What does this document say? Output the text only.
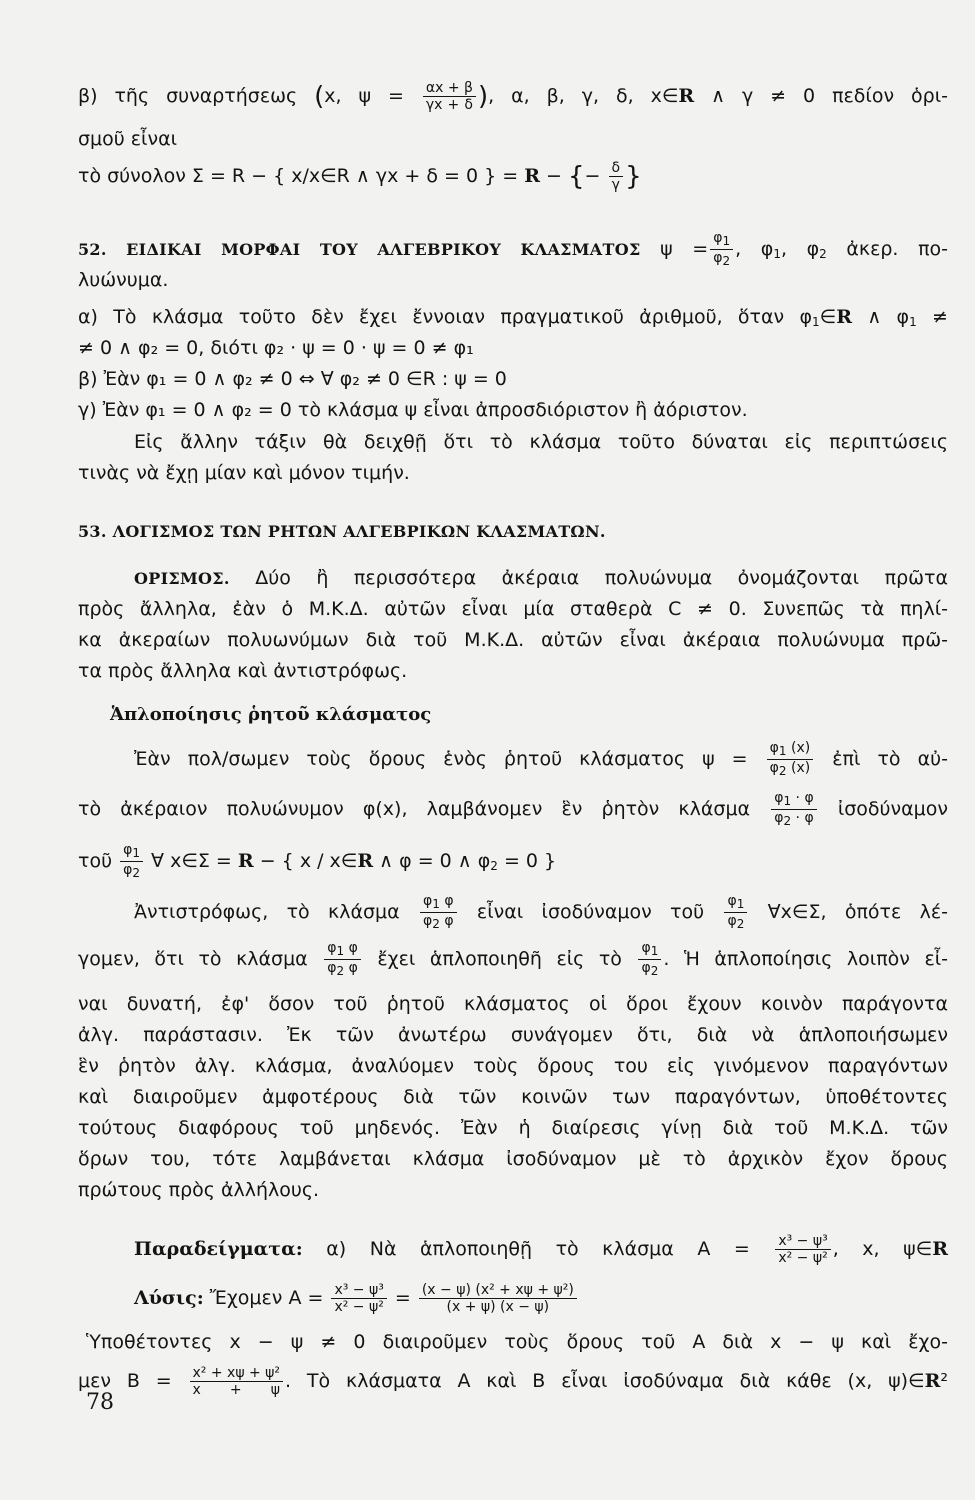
β) τῆς συναρτήσεως (x, $\psi = \frac{\alpha x + \beta}{\gamma x + \delta}$ ), α, β, γ, δ, x∈R ∧ γ ≠ 0 πεδίον ὁρι-
σμοῦ εἶναι
τὸ σύνολον Σ = R − { x/x∈R ∧ γx + δ = 0 } = R − {− $\frac{\delta}{\gamma}$ }
52. ΕΙΔΙΚΑΙ ΜΟΡΦΑΙ ΤΟΥ ΑΛΓΕΒΡΙΚΟΥ ΚΛΑΣΜΑΤΟΣ $\psi = \frac{\varphi 1}{\varphi 2}$ , $\varphi_1$, $\varphi_2$ ἀκερ. πο-
λυώνυμα.
α) Τὸ κλάσμα τοῦτο δὲν ἔχει ἔννοιαν πραγματικοῦ ἀριθμοῦ, ὅταν $\varphi_1\in R$ ∧ $\varphi_1$ ≠
≠ 0 ∧ φ₂ = 0, διότι φ₂ · ψ = 0 · ψ = 0 ≠ φ₁
β) Ἐὰν φ₁ = 0 ∧ φ₂ ≠ 0 ⇔ ∀ φ₂ ≠ 0 ∈R : ψ = 0
γ) Ἐὰν φ₁ = 0 ∧ φ₂ = 0 τὸ κλάσμα ψ εἶναι ἀπροσδιόριστον ἢ ἀόριστον.
Εἰς ἄλλην τάξιν θὰ δειχθῇ ὅτι τὸ κλάσμα τοῦτο δύναται εἰς περιπτώσεις
τινὰς νὰ ἔχῃ μίαν καὶ μόνον τιμήν.
53. ΛΟΓΙΣΜΟΣ ΤΩΝ ΡΗΤΩΝ ΑΛΓΕΒΡΙΚΩΝ ΚΛΑΣΜΑΤΩΝ.
ΟΡΙΣΜΟΣ. Δύο ἢ περισσότερα ἀκέραια πολυώνυμα ὀνομάζονται πρῶτα
πρὸς ἄλληλα, ἐὰν ὁ Μ.Κ.Δ. αὐτῶν εἶναι μία σταθερὰ C ≠ 0. Συνεπῶς τὰ πηλί-
κα ἀκεραίων πολυωνύμων διὰ τοῦ Μ.Κ.Δ. αὐτῶν εἶναι ἀκέραια πολυώνυμα πρῶ-
τα πρὸς ἄλληλα καὶ ἀντιστρόφως.
Ἁπλοποίησις ῥητοῦ κλάσματος
Ἐὰν πολ/σωμεν τοὺς ὅρους ἑνὸς ῥητοῦ κλάσματος $\psi = \frac{\varphi 1 (x)}{\varphi 2 (x)}$ ἐπὶ τὸ αὐ-
τὸ ἀκέραιον πολυώνυμον φ(x), λαμβάνομεν ἓν ῥητὸν κλάσμα $\frac{\varphi 1 \cdot \varphi}{\varphi 2 \cdot \varphi}$ ἰσοδύναμον
τοῦ $\frac{\varphi 1}{\varphi 2}$ ∀ x∈Σ = R − { x / x∈R ∧ φ = 0 ∧ $\varphi_2 = 0$ }
Ἀντιστρόφως, τὸ κλάσμα $\frac{\varphi 1 \varphi}{\varphi 2 \varphi}$ εἶναι ἰσοδύναμον τοῦ $\frac{\varphi 1}{\varphi 2}$ ∀x∈Σ, ὁπότε λέ-
γομεν, ὅτι τὸ κλάσμα $\frac{\varphi 1 \varphi}{\varphi 2 \varphi}$ ἔχει ἁπλοποιηθῆ εἰς τὸ $\frac{\varphi 1}{\varphi 2}$ . Ἡ ἁπλοποίησις λοιπὸν εἶ-
ναι δυνατή, ἐφ' ὅσον τοῦ ῥητοῦ κλάσματος οἱ ὅροι ἔχουν κοινὸν παράγοντα
ἀλγ. παράστασιν. Ἐκ τῶν ἀνωτέρω συνάγομεν ὅτι, διὰ νὰ ἁπλοποιήσωμεν
ἓν ῥητὸν ἀλγ. κλάσμα, ἀναλύομεν τοὺς ὅρους του εἰς γινόμενον παραγόντων
καὶ διαιροῦμεν ἀμφοτέρους διὰ τῶν κοινῶν των παραγόντων, ὑποθέτοντες
τούτους διαφόρους τοῦ μηδενός. Ἐὰν ἡ διαίρεσις γίνῃ διὰ τοῦ Μ.Κ.Δ. τῶν
ὅρων του, τότε λαμβάνεται κλάσμα ἰσοδύναμον μὲ τὸ ἀρχικὸν ἔχον ὅρους
πρώτους πρὸς ἀλλήλους.
Παραδείγματα: α) Νὰ ἁπλοποιηθῇ τὸ κλάσμα $A = \frac{\text{x³ − ψ³}}{\text{x² − ψ²}}$ , x, ψ∈R
Λύσις: Ἔχομεν $A = \frac{\text{x³ − ψ³}}{\text{x² − ψ²}} = \frac{\text{(x − ψ) (x² + xψ + ψ²)}}{(x + \psi) (x - \psi)}$
Ὑποθέτοντες x − ψ ≠ 0 διαιροῦμεν τοὺς ὅρους τοῦ A διὰ x − ψ καὶ ἔχο-
μεν $B = \frac{\text{x² + xψ + ψ²}}{x + \psi}$ . Τὸ κλάσματα A καὶ B εἶναι ἰσοδύναμα διὰ κάθε (x, ψ)∈R²
78
